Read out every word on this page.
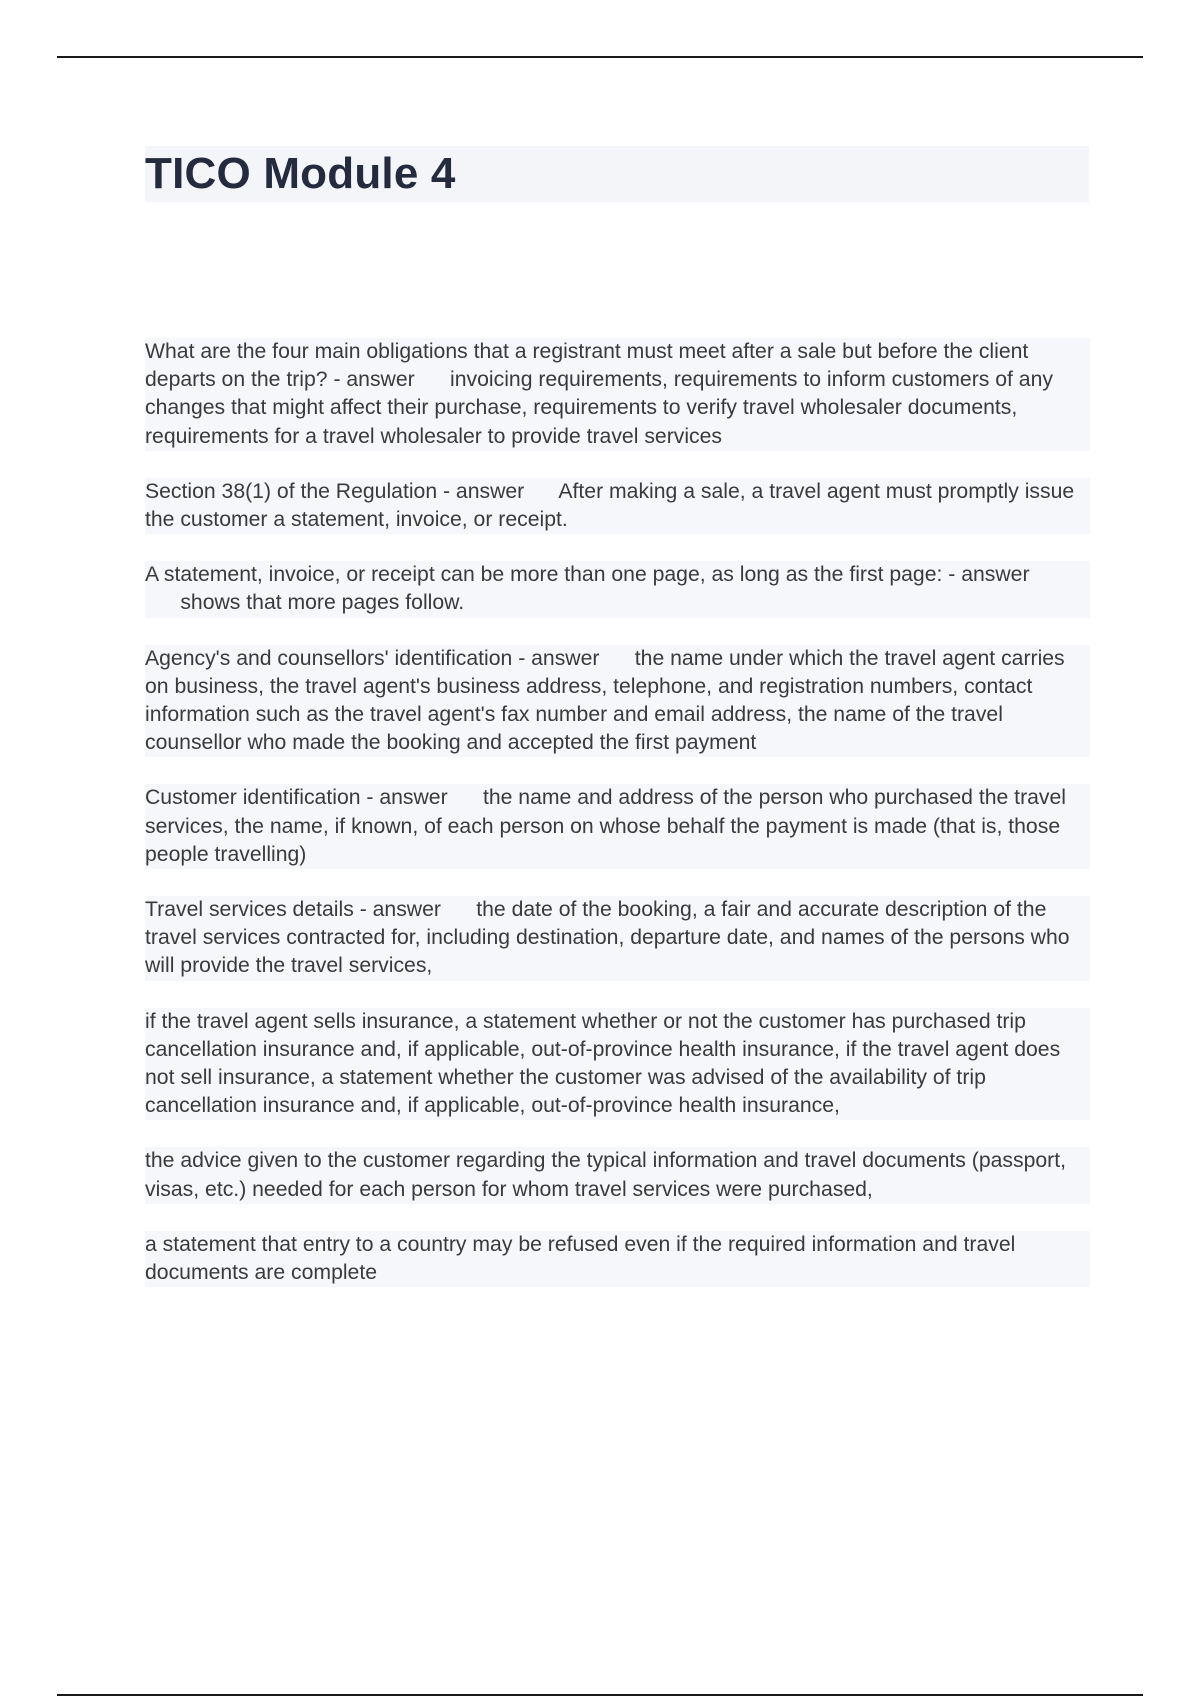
TICO Module 4

What are the four main obligations that a registrant must meet after a sale but before the client departs on the trip? - answer invoicing requirements, requirements to inform customers of any changes that might affect their purchase, requirements to verify travel wholesaler documents, requirements for a travel wholesaler to provide travel services

Section 38(1) of the Regulation - answer After making a sale, a travel agent must promptly issue the customer a statement, invoice, or receipt.

A statement, invoice, or receipt can be more than one page, as long as the first page: - answer      shows that more pages follow.

Agency's and counsellors' identification - answer the name under which the travel agent carries on business, the travel agent's business address, telephone, and registration numbers, contact information such as the travel agent's fax number and email address, the name of the travel counsellor who made the booking and accepted the first payment

Customer identification - answer the name and address of the person who purchased the travel services, the name, if known, of each person on whose behalf the payment is made (that is, those people travelling)

Travel services details - answer the date of the booking, a fair and accurate description of the travel services contracted for, including destination, departure date, and names of the persons who will provide the travel services,

if the travel agent sells insurance, a statement whether or not the customer has purchased trip cancellation insurance and, if applicable, out-of-province health insurance, if the travel agent does not sell insurance, a statement whether the customer was advised of the availability of trip cancellation insurance and, if applicable, out-of-province health insurance,

the advice given to the customer regarding the typical information and travel documents (passport, visas, etc.) needed for each person for whom travel services were purchased,

a statement that entry to a country may be refused even if the required information and travel documents are complete
